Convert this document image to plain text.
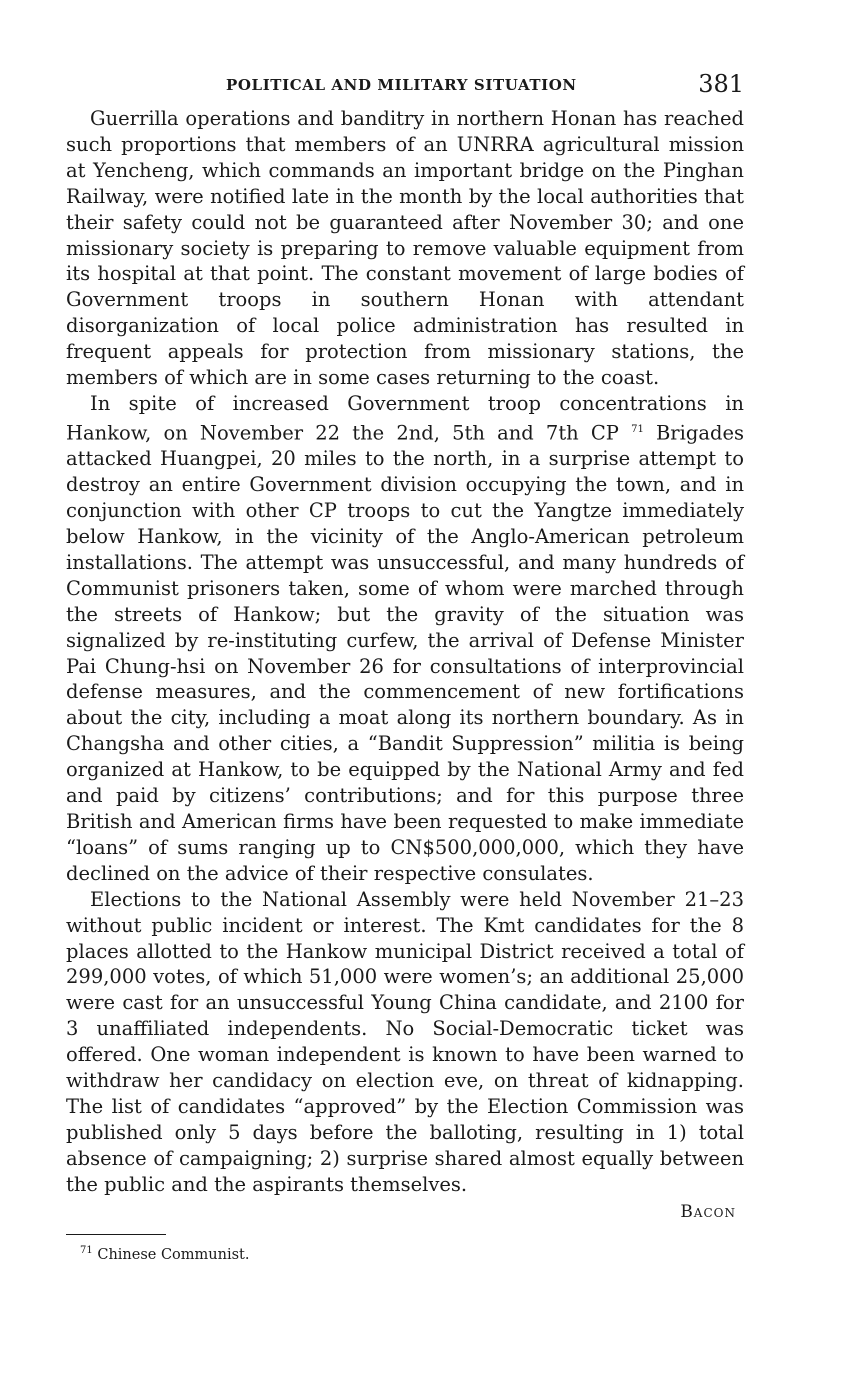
POLITICAL AND MILITARY SITUATION	381

Guerrilla operations and banditry in northern Honan has reached such proportions that members of an UNRRA agricultural mission at Yencheng, which commands an important bridge on the Pinghan Railway, were notified late in the month by the local authorities that their safety could not be guaranteed after November 30; and one missionary society is preparing to remove valuable equipment from its hospital at that point. The constant movement of large bodies of Government troops in southern Honan with attendant disorganization of local police administration has resulted in frequent appeals for protection from missionary stations, the members of which are in some cases returning to the coast.

In spite of increased Government troop concentrations in Hankow, on November 22 the 2nd, 5th and 7th CP $^{71}$ Brigades attacked Huangpei, 20 miles to the north, in a surprise attempt to destroy an entire Government division occupying the town, and in conjunction with other CP troops to cut the Yangtze immediately below Hankow, in the vicinity of the Anglo-American petroleum installations. The attempt was unsuccessful, and many hundreds of Communist prisoners taken, some of whom were marched through the streets of Hankow; but the gravity of the situation was signalized by re-instituting curfew, the arrival of Defense Minister Pai Chung-hsi on November 26 for consultations of interprovincial defense measures, and the commencement of new fortifications about the city, including a moat along its northern boundary. As in Changsha and other cities, a “Bandit Suppression” militia is being organized at Hankow, to be equipped by the National Army and fed and paid by citizens’ contributions; and for this purpose three British and American firms have been requested to make immediate “loans” of sums ranging up to CN$500,000,000, which they have declined on the advice of their respective consulates.

Elections to the National Assembly were held November 21–23 without public incident or interest. The Kmt candidates for the 8 places allotted to the Hankow municipal District received a total of 299,000 votes, of which 51,000 were women’s; an additional 25,000 were cast for an unsuccessful Young China candidate, and 2100 for 3 unaffiliated independents. No Social-Democratic ticket was offered. One woman independent is known to have been warned to withdraw her candidacy on election eve, on threat of kidnapping. The list of candidates “approved” by the Election Commission was published only 5 days before the balloting, resulting in 1) total absence of campaigning; 2) surprise shared almost equally between the public and the aspirants themselves.

Bacon
$^{71}$ Chinese Communist.
